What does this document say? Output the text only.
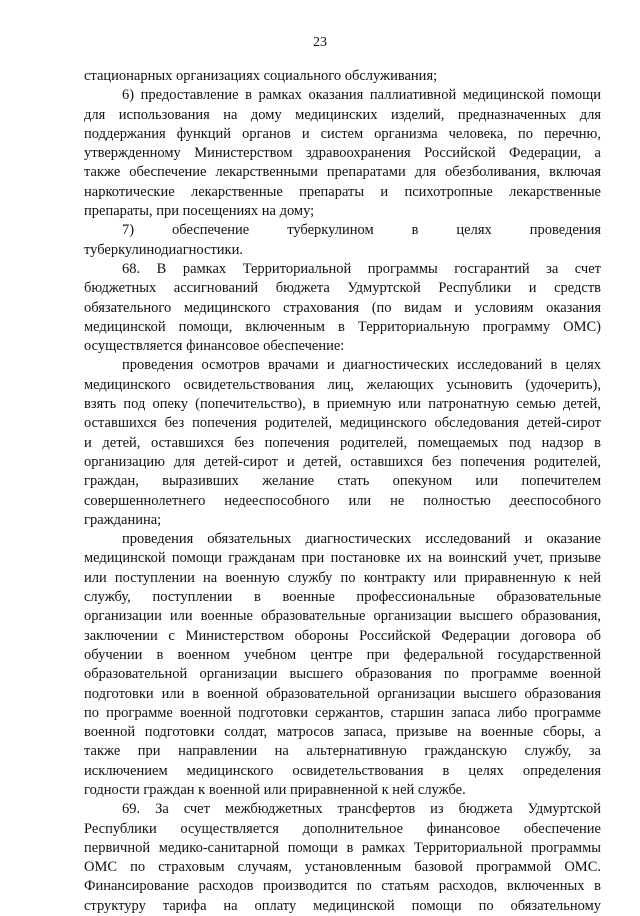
23
стационарных организациях социального обслуживания;
6) предоставление в рамках оказания паллиативной медицинской помощи
для использования на дому медицинских изделий, предназначенных для
поддержания функций органов и систем организма человека, по перечню,
утвержденному Министерством здравоохранения Российской Федерации, а
также обеспечение лекарственными препаратами для обезболивания, включая
наркотические лекарственные препараты и психотропные лекарственные
препараты, при посещениях на дому;
7) обеспечение туберкулином в целях проведения
туберкулинодиагностики.
68. В рамках Территориальной программы госгарантий за счет
бюджетных ассигнований бюджета Удмуртской Республики и средств
обязательного медицинского страхования (по видам и условиям оказания
медицинской помощи, включенным в Территориальную программу ОМС)
осуществляется финансовое обеспечение:
проведения осмотров врачами и диагностических исследований в целях
медицинского освидетельствования лиц, желающих усыновить (удочерить),
взять под опеку (попечительство), в приемную или патронатную семью детей,
оставшихся без попечения родителей, медицинского обследования детей-сирот
и детей, оставшихся без попечения родителей, помещаемых под надзор в
организацию для детей-сирот и детей, оставшихся без попечения родителей,
граждан, выразивших желание стать опекуном или попечителем
совершеннолетнего недееспособного или не полностью дееспособного
гражданина;
проведения обязательных диагностических исследований и оказание
медицинской помощи гражданам при постановке их на воинский учет, призыве
или поступлении на военную службу по контракту или приравненную к ней
службу, поступлении в военные профессиональные образовательные
организации или военные образовательные организации высшего образования,
заключении с Министерством обороны Российской Федерации договора об
обучении в военном учебном центре при федеральной государственной
образовательной организации высшего образования по программе военной
подготовки или в военной образовательной организации высшего образования
по программе военной подготовки сержантов, старшин запаса либо программе
военной подготовки солдат, матросов запаса, призыве на военные сборы, а
также при направлении на альтернативную гражданскую службу, за
исключением медицинского освидетельствования в целях определения
годности граждан к военной или приравненной к ней службе.
69. За счет межбюджетных трансфертов из бюджета Удмуртской
Республики осуществляется дополнительное финансовое обеспечение
первичной медико-санитарной помощи в рамках Территориальной программы
ОМС по страховым случаям, установленным базовой программой ОМС.
Финансирование расходов производится по статьям расходов, включенных в
структуру тарифа на оплату медицинской помощи по обязательному
